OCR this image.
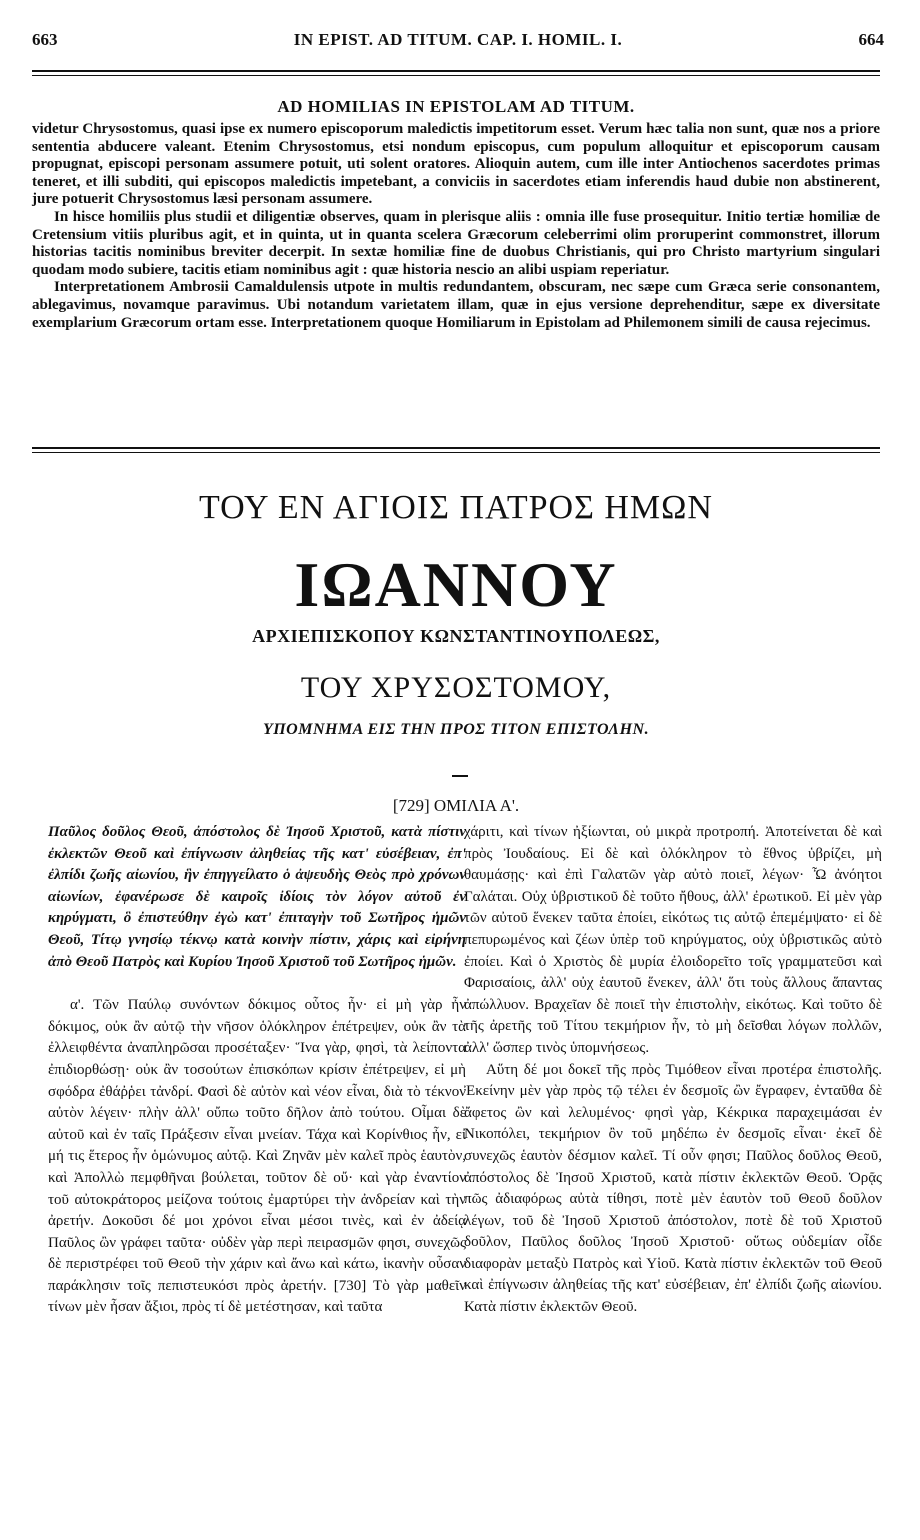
663	IN EPIST. AD TITUM. CAP. I. HOMIL. I.	664
AD HOMILIAS IN EPISTOLAM AD TITUM.

videtur Chrysostomus, quasi ipse ex numero episcoporum maledictis impetitorum esset. Verum hæc talia non sunt, quæ nos a priore sententia abducere valeant. Etenim Chrysostomus, etsi nondum episcopus, cum populum alloquitur et episcoporum causam propugnat, episcopi personam assumere potuit, uti solent oratores. Alioquin autem, cum ille inter Antiochenos sacerdotes primas teneret, et illi subditi, qui episcopos maledictis impetebant, a conviciis in sacerdotes etiam inferendis haud dubie non abstinerent, jure potuerit Chrysostomus læsi personam assumere.

In hisce homiliis plus studii et diligentiæ observes, quam in plerisque aliis : omnia ille fuse prosequitur. Initio tertiæ homiliæ de Cretensium vitiis pluribus agit, et in quinta, ut in quanta scelera Græcorum celeberrimi olim proruperint commonstret, illorum historias tacitis nominibus breviter decerpit. In sextæ homiliæ fine de duobus Christianis, qui pro Christo martyrium singulari quodam modo subiere, tacitis etiam nominibus agit : quæ historia nescio an alibi uspiam reperiatur.

Interpretationem Ambrosii Camaldulensis utpote in multis redundantem, obscuram, nec sæpe cum Græca serie consonantem, ablegavimus, novamque paravimus. Ubi notandum varietatem illam, quæ in ejus versione deprehenditur, sæpe ex diversitate exemplarium Græcorum ortam esse. Interpretationem quoque Homiliarum in Epistolam ad Philemonem simili de causa rejecimus.

ΤΟΥ ΕΝ ΑΓΙΟΙΣ ΠΑΤΡΟΣ ΗΜΩΝ
ΙΩΑΝΝΟΥ
ΑΡΧΙΕΠΙΣΚΟΠΟΥ ΚΩΝΣΤΑΝΤΙΝΟΥΠΟΛΕΩΣ,
ΤΟΥ ΧΡΥΣΟΣΤΟΜΟΥ,
ΥΠΟΜΝΗΜΑ ΕΙΣ ΤΗΝ ΠΡΟΣ ΤΙΤΟΝ ΕΠΙΣΤΟΛΗΝ.
[729] ΟΜΙΛΙΑ Α'.

Παῦλος δοῦλος Θεοῦ, ἀπόστολος δὲ Ἰησοῦ Χριστοῦ, κατὰ πίστιν ἐκλεκτῶν Θεοῦ καὶ ἐπίγνωσιν ἀληθείας τῆς κατ' εὐσέβειαν, ἐπ' ἐλπίδι ζωῆς αἰωνίου, ἣν ἐπηγγείλατο ὁ ἀψευδὴς Θεὸς πρὸ χρόνων αἰωνίων, ἐφανέρωσε δὲ καιροῖς ἰδίοις τὸν λόγον αὐτοῦ ἐν κηρύγματι, ὃ ἐπιστεύθην ἐγὼ κατ' ἐπιταγὴν τοῦ Σωτῆρος ἡμῶν Θεοῦ, Τίτῳ γνησίῳ τέκνῳ κατὰ κοινὴν πίστιν, χάρις καὶ εἰρήνη ἀπὸ Θεοῦ Πατρὸς καὶ Κυρίου Ἰησοῦ Χριστοῦ τοῦ Σωτῆρος ἡμῶν.

α'. Τῶν Παύλῳ συνόντων δόκιμος οὗτος ἦν· εἰ μὴ γὰρ ἦν δόκιμος, οὐκ ἂν αὐτῷ τὴν νῆσον ὁλόκληρον ἐπέτρεψεν, οὐκ ἂν τὰ ἐλλειφθέντα ἀναπληρῶσαι προσέταξεν· Ἵνα γὰρ, φησὶ, τὰ λείποντα ἐπιδιορθώσῃ· οὐκ ἂν τοσούτων ἐπισκόπων κρίσιν ἐπέτρεψεν, εἰ μὴ σφόδρα ἐθάῤῥει τἀνδρί. Φασὶ δὲ αὐτὸν καὶ νέον εἶναι, διὰ τὸ τέκνον αὐτὸν λέγειν· πλὴν ἀλλ' οὔπω τοῦτο δῆλον ἀπὸ τούτου. Οἶμαι δὲ αὐτοῦ καὶ ἐν ταῖς Πράξεσιν εἶναι μνείαν. Τάχα καὶ Κορίνθιος ἦν, εἰ μή τις ἕτερος ἦν ὁμώνυμος αὐτῷ. Καὶ Ζηνᾶν μὲν καλεῖ πρὸς ἑαυτὸν, καὶ Ἀπολλὼ πεμφθῆναι βούλεται, τοῦτον δὲ οὔ· καὶ γὰρ ἐναντίον τοῦ αὐτοκράτορος μείζονα τούτοις ἐμαρτύρει τὴν ἀνδρείαν καὶ τὴν ἀρετήν. Δοκοῦσι δέ μοι χρόνοι εἶναι μέσοι τινὲς, καὶ ἐν ἀδείᾳ Παῦλος ὢν γράφει ταῦτα· οὐδὲν γὰρ περὶ πειρασμῶν φησι, συνεχῶς δὲ περιστρέφει τοῦ Θεοῦ τὴν χάριν καὶ ἄνω καὶ κάτω, ἱκανὴν οὖσαν παράκλησιν τοῖς πεπιστευκόσι πρὸς ἀρετήν. [730] Τὸ γὰρ μαθεῖν τίνων μὲν ἦσαν ἄξιοι, πρὸς τί δὲ μετέστησαν, καὶ ταῦτα

χάριτι, καὶ τίνων ἠξίωνται, οὐ μικρὰ προτροπή. Ἀποτείνεται δὲ καὶ πρὸς Ἰουδαίους. Εἰ δὲ καὶ ὁλόκληρον τὸ ἔθνος ὑβρίζει, μὴ θαυμάσῃς· καὶ ἐπὶ Γαλατῶν γὰρ αὐτὸ ποιεῖ, λέγων· Ὦ ἀνόητοι Γαλάται. Οὐχ ὑβριστικοῦ δὲ τοῦτο ἤθους, ἀλλ' ἐρωτικοῦ. Εἰ μὲν γὰρ τῶν αὐτοῦ ἕνεκεν ταῦτα ἐποίει, εἰκότως τις αὐτῷ ἐπεμέμψατο· εἰ δὲ πεπυρωμένος καὶ ζέων ὑπὲρ τοῦ κηρύγματος, οὐχ ὑβριστικῶς αὐτὸ ἐποίει. Καὶ ὁ Χριστὸς δὲ μυρία ἐλοιδορεῖτο τοῖς γραμματεῦσι καὶ Φαρισαίοις, ἀλλ' οὐχ ἑαυτοῦ ἕνεκεν, ἀλλ' ὅτι τοὺς ἄλλους ἅπαντας ἀπώλλυον. Βραχεῖαν δὲ ποιεῖ τὴν ἐπιστολὴν, εἰκότως. Καὶ τοῦτο δὲ τῆς ἀρετῆς τοῦ Τίτου τεκμήριον ἦν, τὸ μὴ δεῖσθαι λόγων πολλῶν, ἀλλ' ὥσπερ τινὸς ὑπομνήσεως.

Αὕτη δέ μοι δοκεῖ τῆς πρὸς Τιμόθεον εἶναι προτέρα ἐπιστολῆς. Ἐκείνην μὲν γὰρ πρὸς τῷ τέλει ἐν δεσμοῖς ὢν ἔγραφεν, ἐνταῦθα δὲ ἄφετος ὢν καὶ λελυμένος· φησὶ γὰρ, Κέκρικα παραχειμάσαι ἐν Νικοπόλει, τεκμήριον ὂν τοῦ μηδέπω ἐν δεσμοῖς εἶναι· ἐκεῖ δὲ συνεχῶς ἑαυτὸν δέσμιον καλεῖ. Τί οὖν φησι; Παῦλος δοῦλος Θεοῦ, ἀπόστολος δὲ Ἰησοῦ Χριστοῦ, κατὰ πίστιν ἐκλεκτῶν Θεοῦ. Ὁρᾷς πῶς ἀδιαφόρως αὐτὰ τίθησι, ποτὲ μὲν ἑαυτὸν τοῦ Θεοῦ δοῦλον λέγων, τοῦ δὲ Ἰησοῦ Χριστοῦ ἀπόστολον, ποτὲ δὲ τοῦ Χριστοῦ δοῦλον, Παῦλος δοῦλος Ἰησοῦ Χριστοῦ· οὕτως οὐδεμίαν οἶδε διαφορὰν μεταξὺ Πατρὸς καὶ Υἱοῦ. Κατὰ πίστιν ἐκλεκτῶν τοῦ Θεοῦ καὶ ἐπίγνωσιν ἀληθείας τῆς κατ' εὐσέβειαν, ἐπ' ἐλπίδι ζωῆς αἰωνίου. Κατὰ πίστιν ἐκλεκτῶν Θεοῦ.
